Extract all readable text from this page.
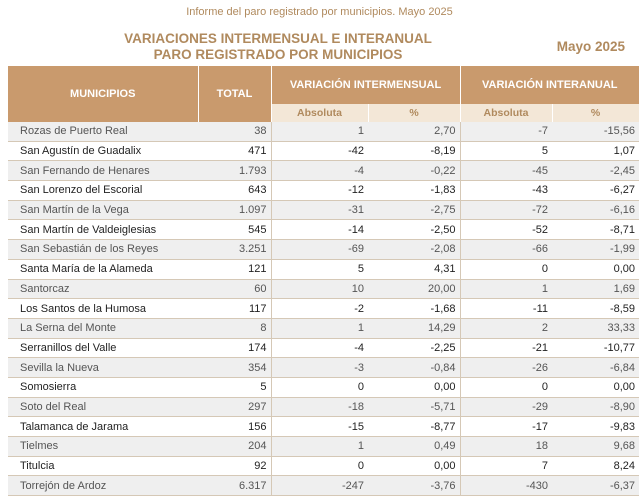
Informe del paro registrado por municipios. Mayo 2025
VARIACIONES INTERMENSUAL E INTERANUAL
PARO REGISTRADO POR MUNICIPIOS
Mayo 2025
MUNICIPIOS	TOTAL	VARIACIÓN INTERMENSUAL		VARIACIÓN INTERANUAL	
		Absoluta	%	Absoluta	%
Rozas de Puerto Real	38	1	2,70	-7	-15,56
San Agustín de Guadalix	471	-42	-8,19	5	1,07
San Fernando de Henares	1.793	-4	-0,22	-45	-2,45
San Lorenzo del Escorial	643	-12	-1,83	-43	-6,27
San Martín de la Vega	1.097	-31	-2,75	-72	-6,16
San Martín de Valdeiglesias	545	-14	-2,50	-52	-8,71
San Sebastián de los Reyes	3.251	-69	-2,08	-66	-1,99
Santa María de la Alameda	121	5	4,31	0	0,00
Santorcaz	60	10	20,00	1	1,69
Los Santos de la Humosa	117	-2	-1,68	-11	-8,59
La Serna del Monte	8	1	14,29	2	33,33
Serranillos del Valle	174	-4	-2,25	-21	-10,77
Sevilla la Nueva	354	-3	-0,84	-26	-6,84
Somosierra	5	0	0,00	0	0,00
Soto del Real	297	-18	-5,71	-29	-8,90
Talamanca de Jarama	156	-15	-8,77	-17	-9,83
Tielmes	204	1	0,49	18	9,68
Titulcia	92	0	0,00	7	8,24
Torrejón de Ardoz	6.317	-247	-3,76	-430	-6,37
